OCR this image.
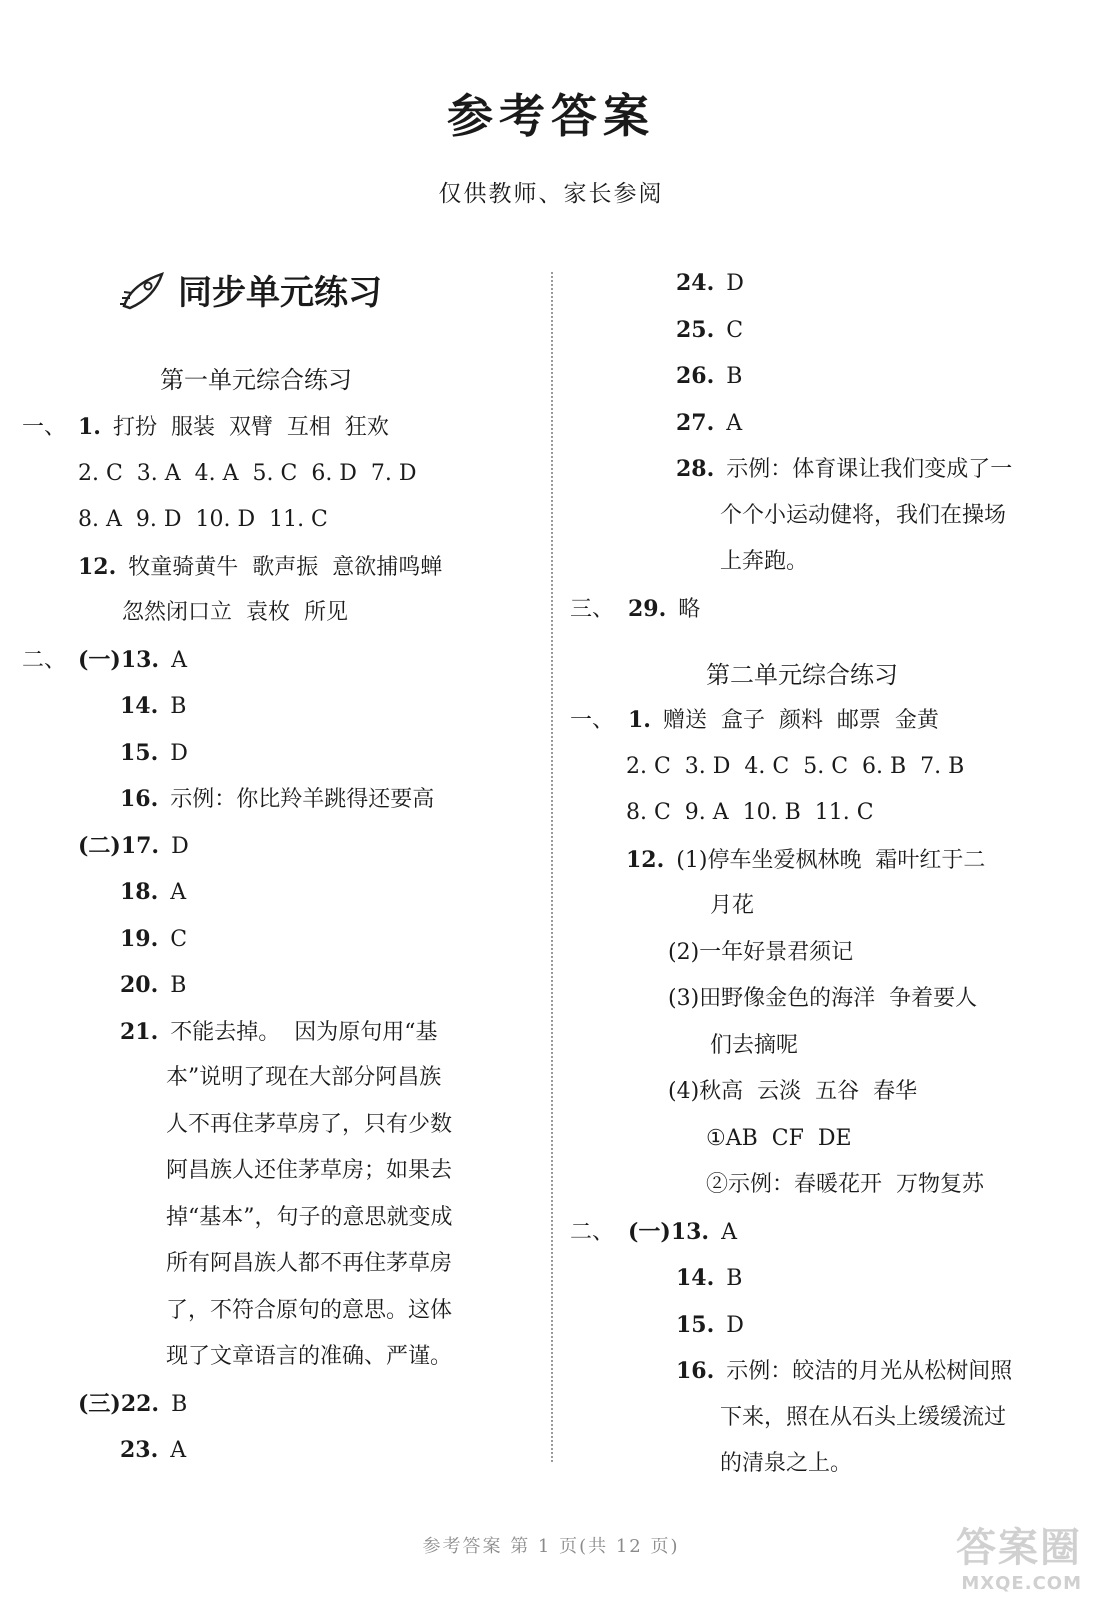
参考答案
仅供教师、家长参阅
同步单元练习
第一单元综合练习
第二单元综合练习
一、 1. 打扮  服装  双臂  互相  狂欢
2. C  3. A  4. A  5. C  6. D  7. D
8. A  9. D  10. D  11. C
12. 牧童骑黄牛  歌声振  意欲捕鸣蝉
忽然闭口立  袁枚  所见
二、 (一)13. A
14. B
15. D
16. 示例：你比羚羊跳得还要高
(二)17. D
18. A
19. C
20. B
21. 不能去掉。  因为原句用“基
本”说明了现在大部分阿昌族
人不再住茅草房了，只有少数
阿昌族人还住茅草房；如果去
掉“基本”，句子的意思就变成
所有阿昌族人都不再住茅草房
了，不符合原句的意思。这体
现了文章语言的准确、严谨。
(三)22. B
23. A
24. D
25. C
26. B
27. A
28. 示例：体育课让我们变成了一
个个小运动健将，我们在操场
上奔跑。
三、 29. 略
一、 1. 赠送  盒子  颜料  邮票  金黄
2. C  3. D  4. C  5. C  6. B  7. B
8. C  9. A  10. B  11. C
12. (1)停车坐爱枫林晚  霜叶红于二
月花
(2)一年好景君须记
(3)田野像金色的海洋  争着要人
们去摘呢
(4)秋高  云淡  五谷  春华
①AB  CF  DE
②示例：春暖花开  万物复苏
二、 (一)13. A
14. B
15. D
16. 示例：皎洁的月光从松树间照
下来，照在从石头上缓缓流过
的清泉之上。
参考答案 第 1 页(共 12 页)	答案圈
MXQE.COM
